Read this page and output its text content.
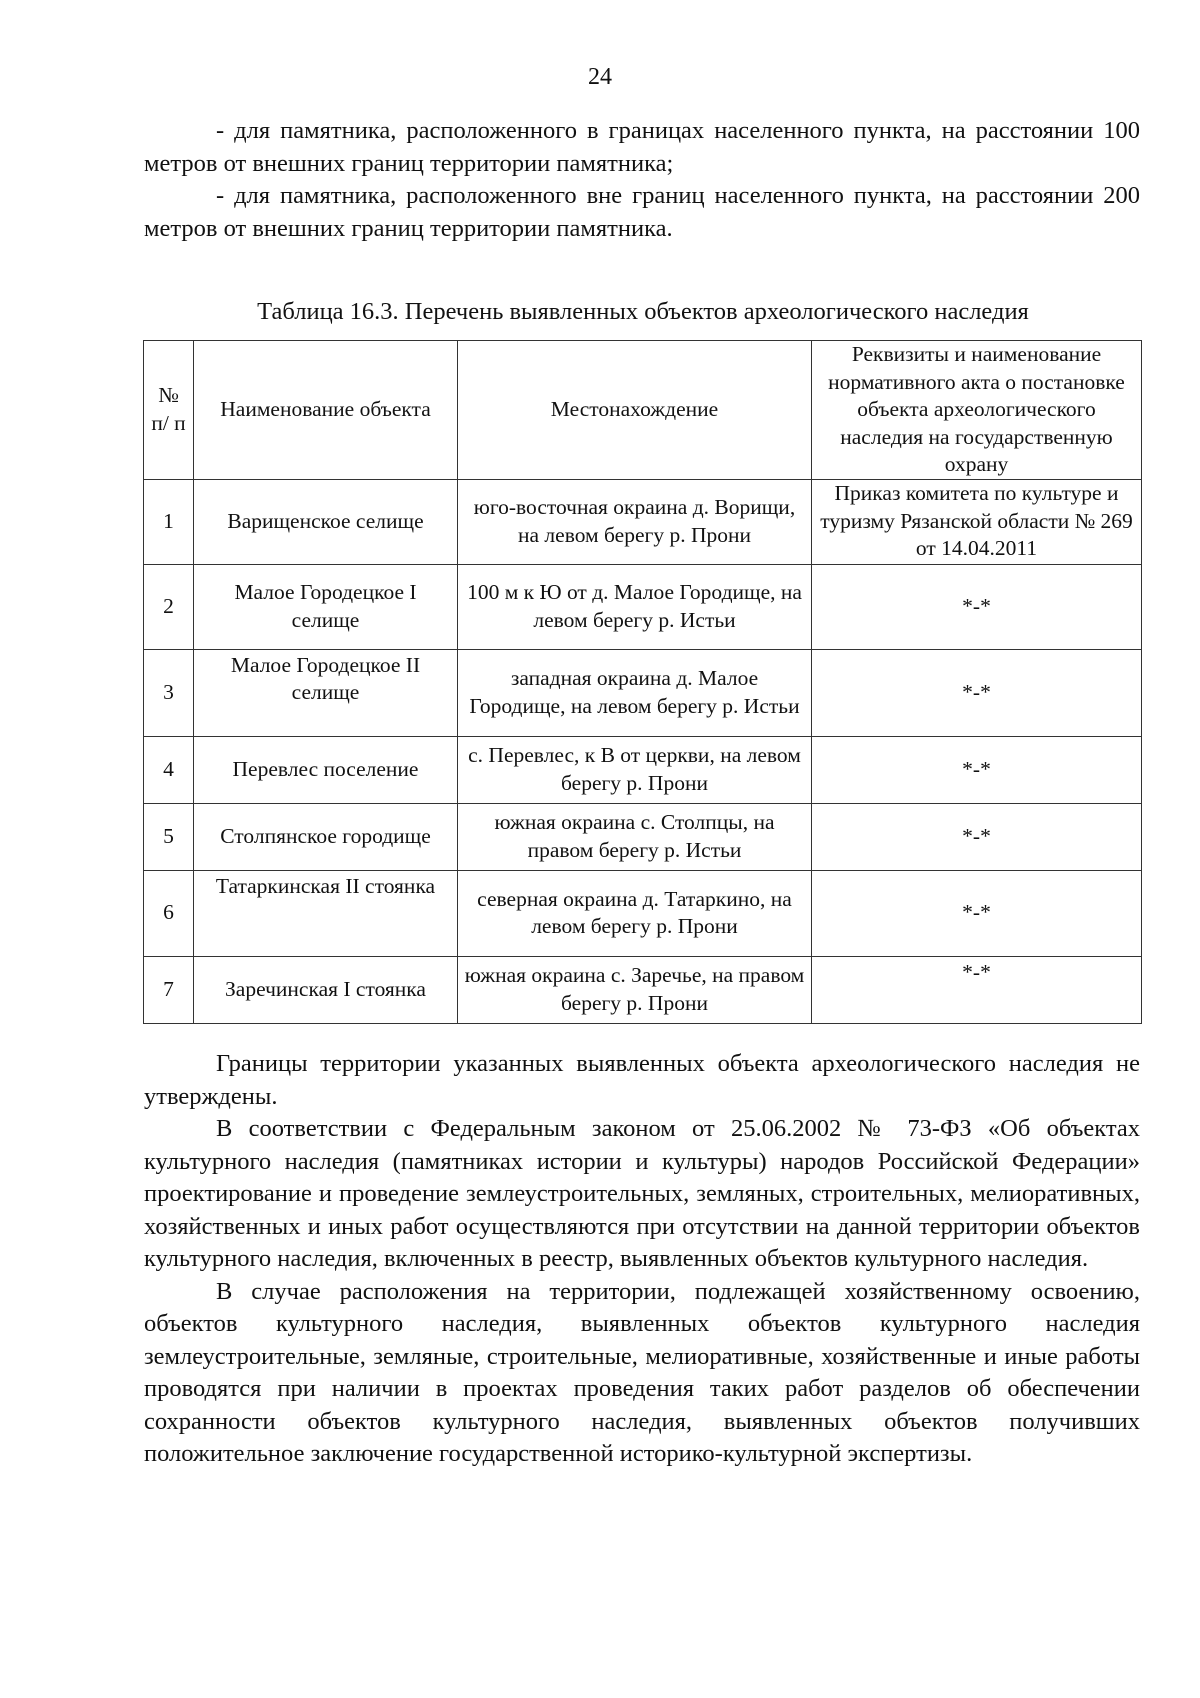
24

- для памятника, расположенного в границах населенного пункта, на расстоянии 100 метров от внешних границ территории памятника;

- для памятника, расположенного вне границ населенного пункта, на расстоянии 200 метров от внешних границ территории памятника.

Таблица 16.3. Перечень выявленных объектов археологического наследия
№ п/ п	Наименование объекта	Местонахождение	Реквизиты и наименование нормативного акта о постановке объекта археологического наследия на государственную охрану
1	Варищенское селище	юго-восточная окраина д. Ворищи, на левом берегу р. Прони	Приказ комитета по культуре и туризму Рязанской области № 269 от 14.04.2011
2	Малое Городецкое I селище	100 м к Ю от д. Малое Городище, на левом берегу р. Истьи	*-*
3	Малое Городецкое II селище	западная окраина д. Малое Городище, на левом берегу р. Истьи	*-*
4	Перевлес поселение	с. Перевлес, к В от церкви, на левом берегу р. Прони	*-*
5	Столпянское городище	южная окраина с. Столпцы, на правом берегу р. Истьи	*-*
6	Татаркинская II стоянка	северная окраина д. Татаркино, на левом берегу р. Прони	*-*
7	Заречинская I стоянка	южная окраина с. Заречье, на правом берегу р. Прони	*-*

Границы территории указанных выявленных объекта археологического наследия не утверждены.

В соответствии с Федеральным законом от 25.06.2002 № 73-ФЗ «Об объектах культурного наследия (памятниках истории и культуры) народов Российской Федерации» проектирование и проведение землеустроительных, земляных, строительных, мелиоративных, хозяйственных и иных работ осуществляются при отсутствии на данной территории объектов культурного наследия, включенных в реестр, выявленных объектов культурного наследия.

В случае расположения на территории, подлежащей хозяйственному освоению, объектов культурного наследия, выявленных объектов культурного наследия землеустроительные, земляные, строительные, мелиоративные, хозяйственные и иные работы проводятся при наличии в проектах проведения таких работ разделов об обеспечении сохранности объектов культурного наследия, выявленных объектов получивших положительное заключение государственной историко-культурной экспертизы.
